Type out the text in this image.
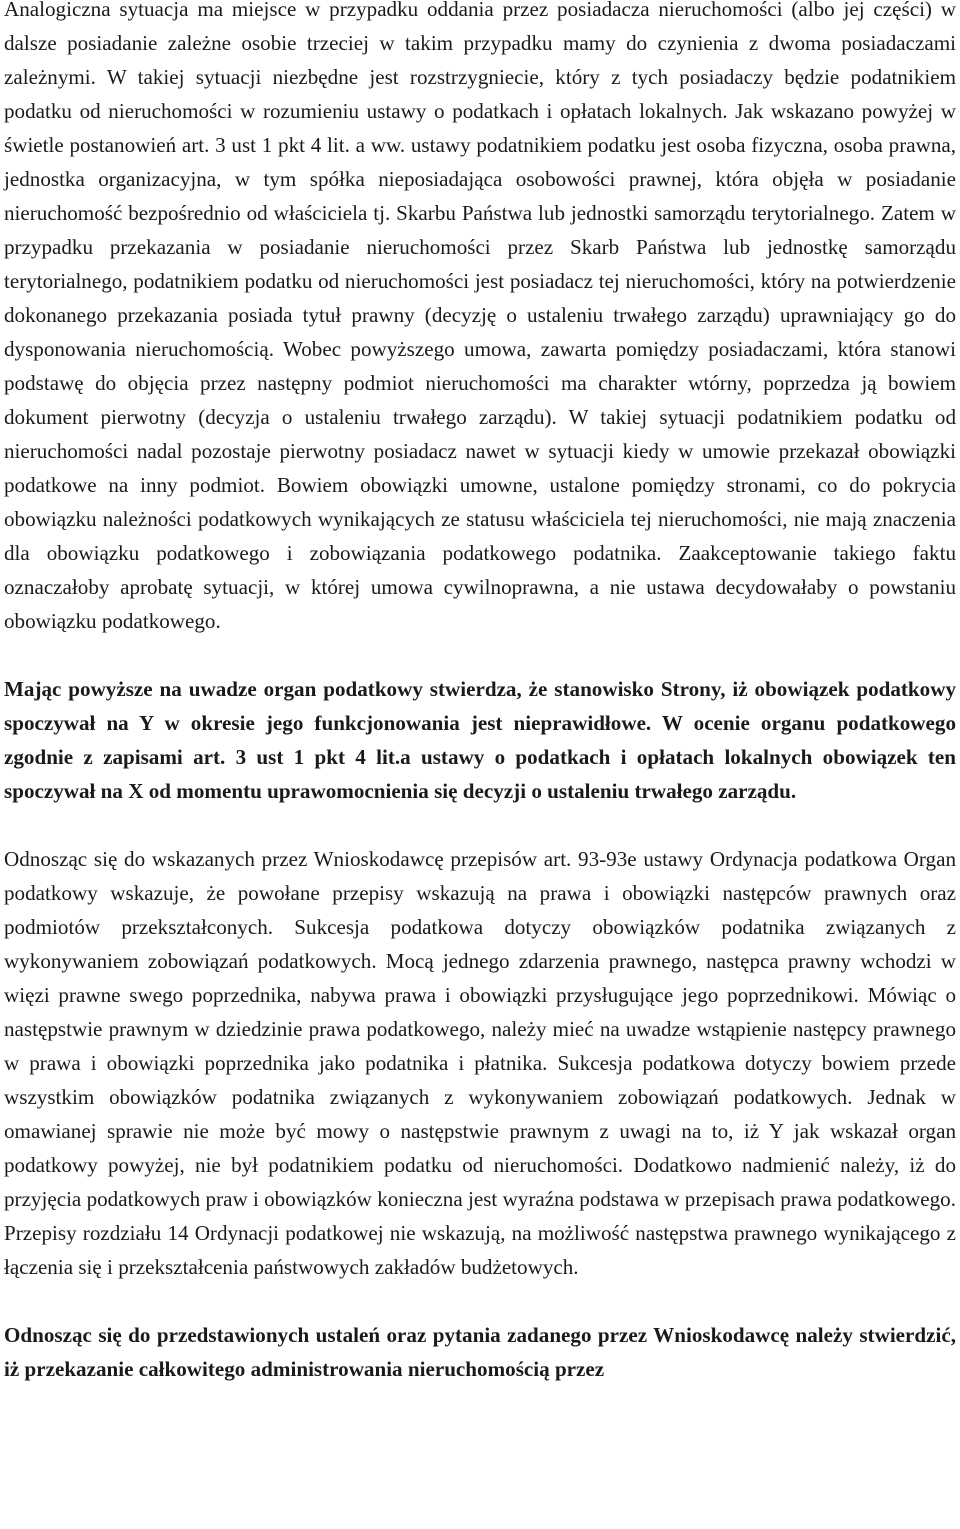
Analogiczna sytuacja ma miejsce w przypadku oddania przez posiadacza nieruchomości (albo jej części) w dalsze posiadanie zależne osobie trzeciej w takim przypadku mamy do czynienia z dwoma posiadaczami zależnymi. W takiej sytuacji niezbędne jest rozstrzygniecie, który z tych posiadaczy będzie podatnikiem podatku od nieruchomości w rozumieniu ustawy o podatkach i opłatach lokalnych. Jak wskazano powyżej w świetle postanowień art. 3 ust 1 pkt 4 lit. a ww. ustawy podatnikiem podatku jest osoba fizyczna, osoba prawna, jednostka organizacyjna, w tym spółka nieposiadająca osobowości prawnej, która objęła w posiadanie nieruchomość bezpośrednio od właściciela tj. Skarbu Państwa lub jednostki samorządu terytorialnego. Zatem w przypadku przekazania w posiadanie nieruchomości przez Skarb Państwa lub jednostkę samorządu terytorialnego, podatnikiem podatku od nieruchomości jest posiadacz tej nieruchomości, który na potwierdzenie dokonanego przekazania posiada tytuł prawny (decyzję o ustaleniu trwałego zarządu) uprawniający go do dysponowania nieruchomością. Wobec powyższego umowa, zawarta pomiędzy posiadaczami, która stanowi podstawę do objęcia przez następny podmiot nieruchomości ma charakter wtórny, poprzedza ją bowiem dokument pierwotny (decyzja o ustaleniu trwałego zarządu). W takiej sytuacji podatnikiem podatku od nieruchomości nadal pozostaje pierwotny posiadacz nawet w sytuacji kiedy w umowie przekazał obowiązki podatkowe na inny podmiot. Bowiem obowiązki umowne, ustalone pomiędzy stronami, co do pokrycia obowiązku należności podatkowych wynikających ze statusu właściciela tej nieruchomości, nie mają znaczenia dla obowiązku podatkowego i zobowiązania podatkowego podatnika. Zaakceptowanie takiego faktu oznaczałoby aprobatę sytuacji, w której umowa cywilnoprawna, a nie ustawa decydowałaby o powstaniu obowiązku podatkowego.

Mając powyższe na uwadze organ podatkowy stwierdza, że stanowisko Strony, iż obowiązek podatkowy spoczywał na Y w okresie jego funkcjonowania jest nieprawidłowe. W ocenie organu podatkowego zgodnie z zapisami art. 3 ust 1 pkt 4 lit.a ustawy o podatkach i opłatach lokalnych obowiązek ten spoczywał na X od momentu uprawomocnienia się decyzji o ustaleniu trwałego zarządu.

Odnosząc się do wskazanych przez Wnioskodawcę przepisów art. 93-93e ustawy Ordynacja podatkowa Organ podatkowy wskazuje, że powołane przepisy wskazują na prawa i obowiązki następców prawnych oraz podmiotów przekształconych. Sukcesja podatkowa dotyczy obowiązków podatnika związanych z wykonywaniem zobowiązań podatkowych. Mocą jednego zdarzenia prawnego, następca prawny wchodzi w więzi prawne swego poprzednika, nabywa prawa i obowiązki przysługujące jego poprzednikowi. Mówiąc o następstwie prawnym w dziedzinie prawa podatkowego, należy mieć na uwadze wstąpienie następcy prawnego w prawa i obowiązki poprzednika jako podatnika i płatnika. Sukcesja podatkowa dotyczy bowiem przede wszystkim obowiązków podatnika związanych z wykonywaniem zobowiązań podatkowych. Jednak w omawianej sprawie nie może być mowy o następstwie prawnym z uwagi na to, iż Y jak wskazał organ podatkowy powyżej, nie był podatnikiem podatku od nieruchomości. Dodatkowo nadmienić należy, iż do przyjęcia podatkowych praw i obowiązków konieczna jest wyraźna podstawa w przepisach prawa podatkowego. Przepisy rozdziału 14 Ordynacji podatkowej nie wskazują, na możliwość następstwa prawnego wynikającego z łączenia się i przekształcenia państwowych zakładów budżetowych.

Odnosząc się do przedstawionych ustaleń oraz pytania zadanego przez Wnioskodawcę należy stwierdzić, iż przekazanie całkowitego administrowania nieruchomością przez
